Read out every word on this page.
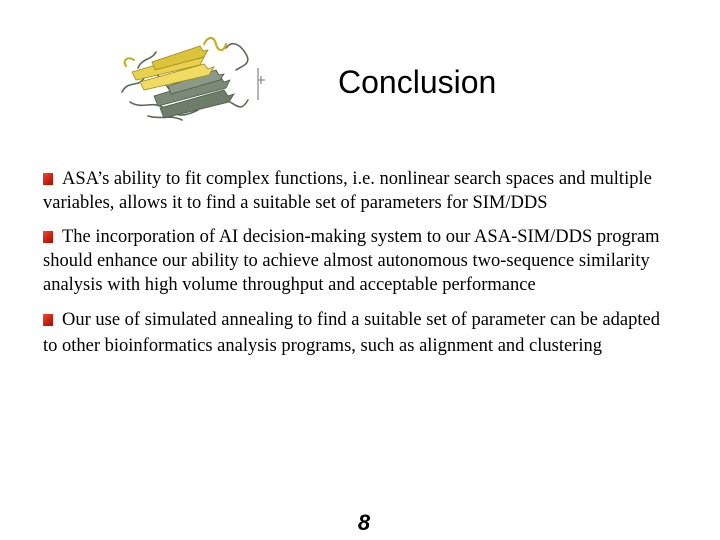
Conclusion
ASA’s ability to fit complex functions, i.e. nonlinear search spaces and multiple variables, allows it to find a suitable set of parameters for SIM/DDS
The incorporation of AI decision-making system to our ASA-SIM/DDS program should enhance our ability to achieve almost autonomous two-sequence similarity analysis with high volume throughput and acceptable performance
Our use of simulated annealing to find a suitable set of parameter can be adapted to other bioinformatics analysis programs, such as alignment and clustering
8
